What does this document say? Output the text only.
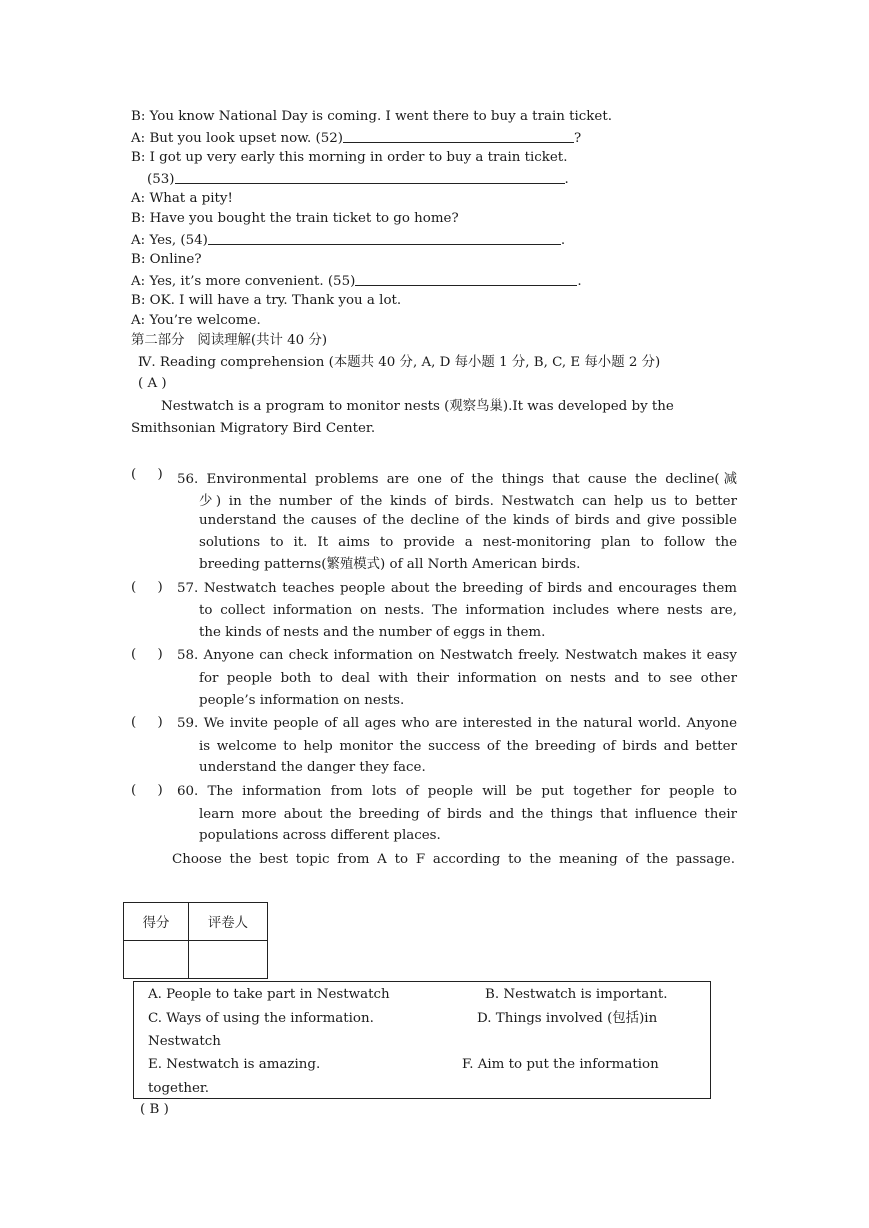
B: You know National Day is coming. I went there to buy a train ticket.
A: But you look upset now. (52)	?
B: I got up very early this morning in order to buy a train ticket.
(53)	.
A: What a pity!
B: Have you bought the train ticket to go home?
A: Yes, (54)	.
B: Online?
A: Yes, it’s more convenient. (55)	.
B: OK. I will have a try. Thank you a lot.
A: You’re welcome.
第二部分   阅读理解(共计 40 分)
Ⅳ. Reading comprehension (本题共 40 分, A, D 每小题 1 分, B, C, E 每小题 2 分)
( A )
Nestwatch is a program to monitor nests (观察鸟巢).It was developed by the
Smithsonian Migratory Bird Center.
(     ) 56. Environmental problems are one of the things that cause the decline(减
少) in the number of the kinds of birds. Nestwatch can help us to better
understand the causes of the decline of the kinds of birds and give possible
solutions to it. It aims to provide a nest-monitoring plan to follow the
breeding patterns(繁殖模式) of all North American birds.
(     ) 57. Nestwatch teaches people about the breeding of birds and encourages them
to collect information on nests. The information includes where nests are,
the kinds of nests and the number of eggs in them.
(     ) 58. Anyone can check information on Nestwatch freely. Nestwatch makes it easy
for people both to deal with their information on nests and to see other
people’s information on nests.
(     ) 59. We invite people of all ages who are interested in the natural world. Anyone
is welcome to help monitor the success of the breeding of birds and better
understand the danger they face.
(     ) 60. The information from lots of people will be put together for people to
learn more about the breeding of birds and the things that influence their
populations across different places.
Choose the best topic from A to F according to the meaning of the passage.
得分	评卷人

A. People to take part in Nestwatch	B. Nestwatch is important.
C. Ways of using the information.	D. Things involved (包括)in
Nestwatch
E. Nestwatch is amazing.	F. Aim to put the information
together.
( B )
